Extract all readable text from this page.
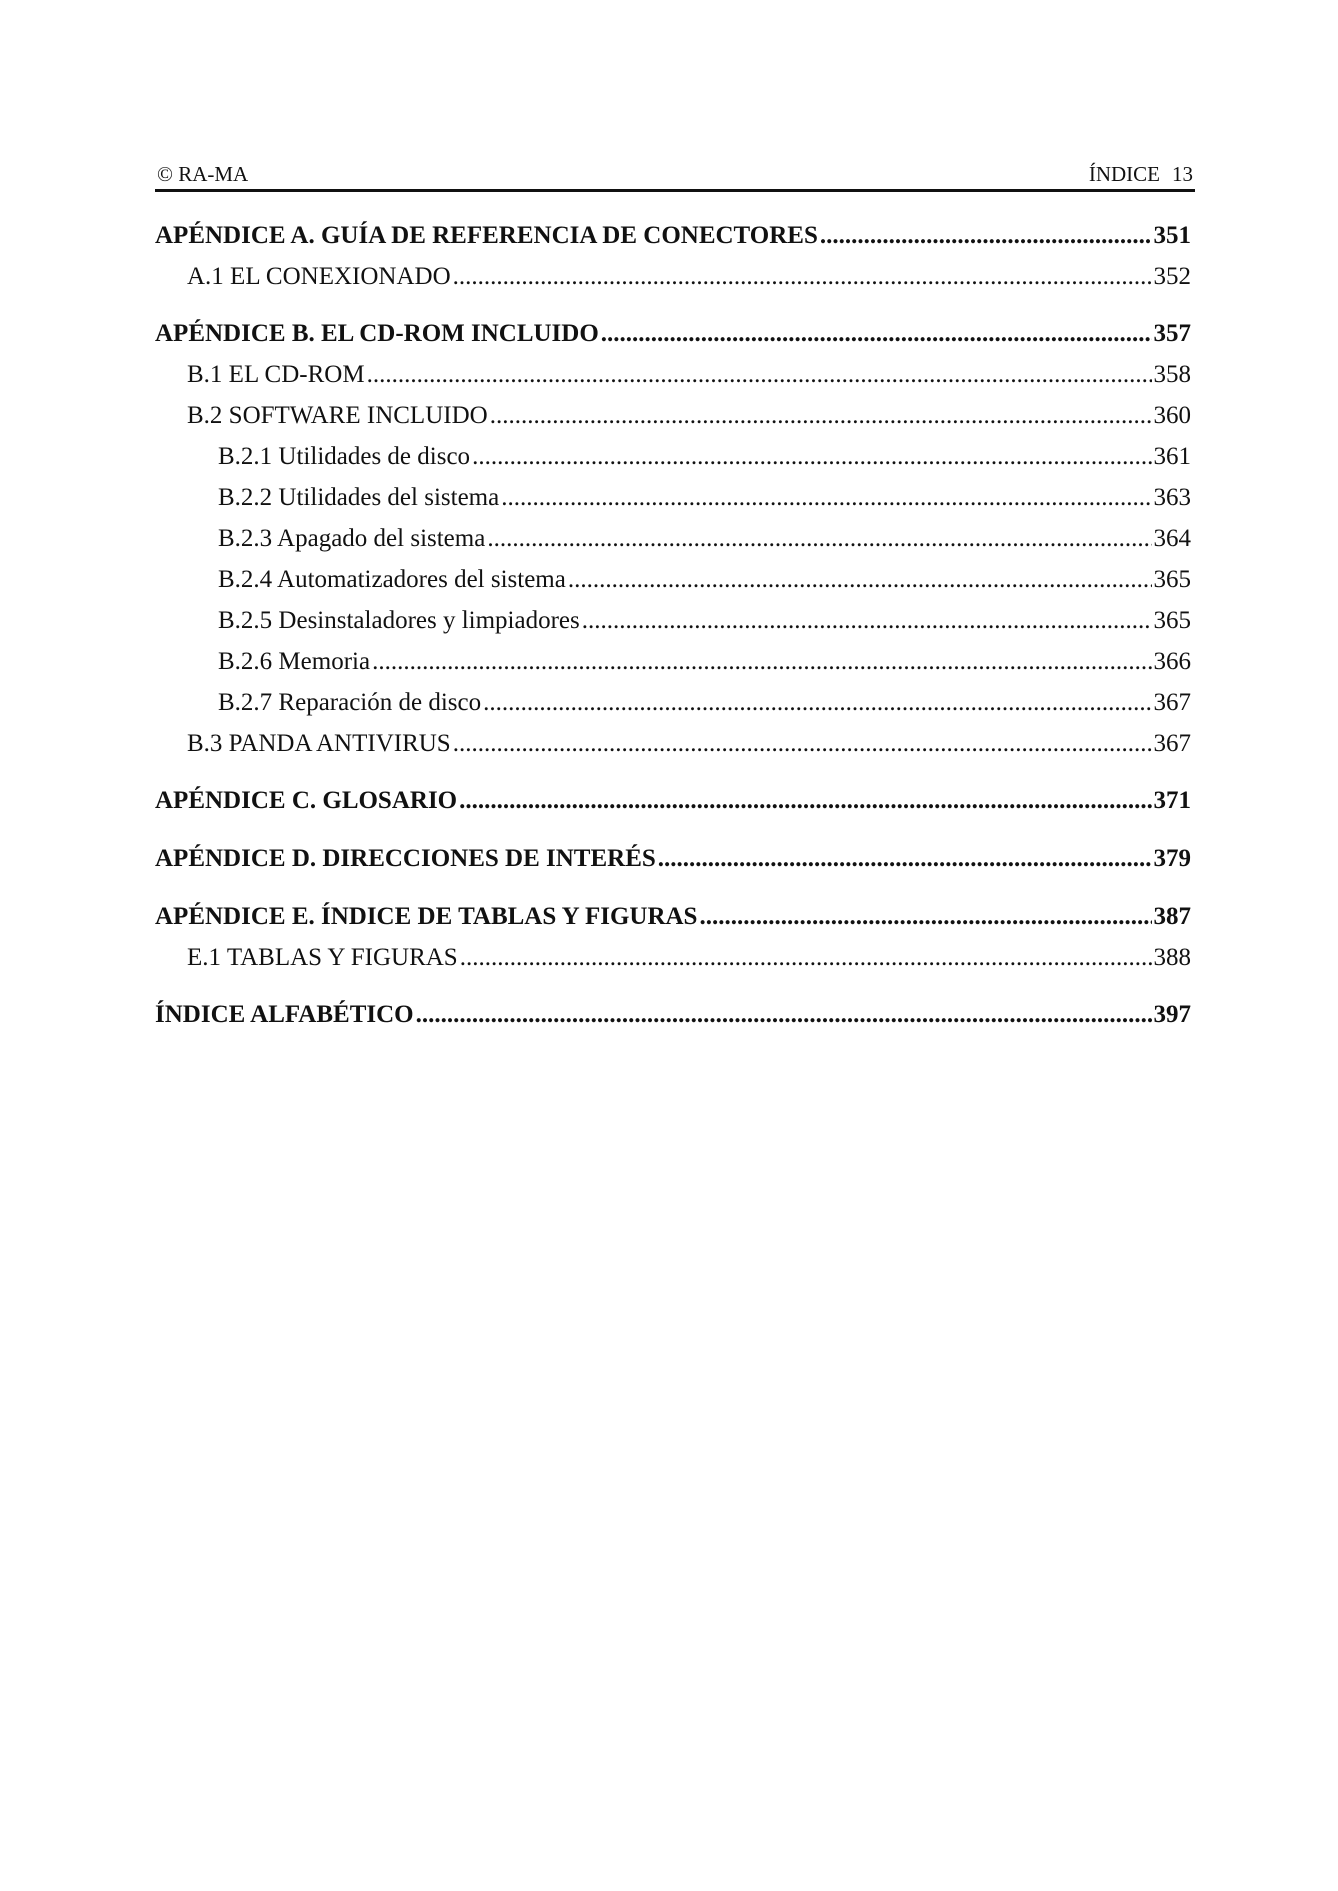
© RA-MA	ÍNDICE 13
APÉNDICE A. GUÍA DE REFERENCIA DE CONECTORES .....	351
A.1 EL CONEXIONADO .....	352
APÉNDICE B. EL CD-ROM INCLUIDO .....	357
B.1 EL CD-ROM .....	358
B.2 SOFTWARE INCLUIDO .....	360
B.2.1 Utilidades de disco .....	361
B.2.2 Utilidades del sistema .....	363
B.2.3 Apagado del sistema .....	364
B.2.4 Automatizadores del sistema .....	365
B.2.5 Desinstaladores y limpiadores .....	365
B.2.6 Memoria .....	366
B.2.7 Reparación de disco .....	367
B.3 PANDA ANTIVIRUS .....	367
APÉNDICE C. GLOSARIO .....	371
APÉNDICE D. DIRECCIONES DE INTERÉS .....	379
APÉNDICE E. ÍNDICE DE TABLAS Y FIGURAS .....	387
E.1 TABLAS Y FIGURAS .....	388
ÍNDICE ALFABÉTICO .....	397
